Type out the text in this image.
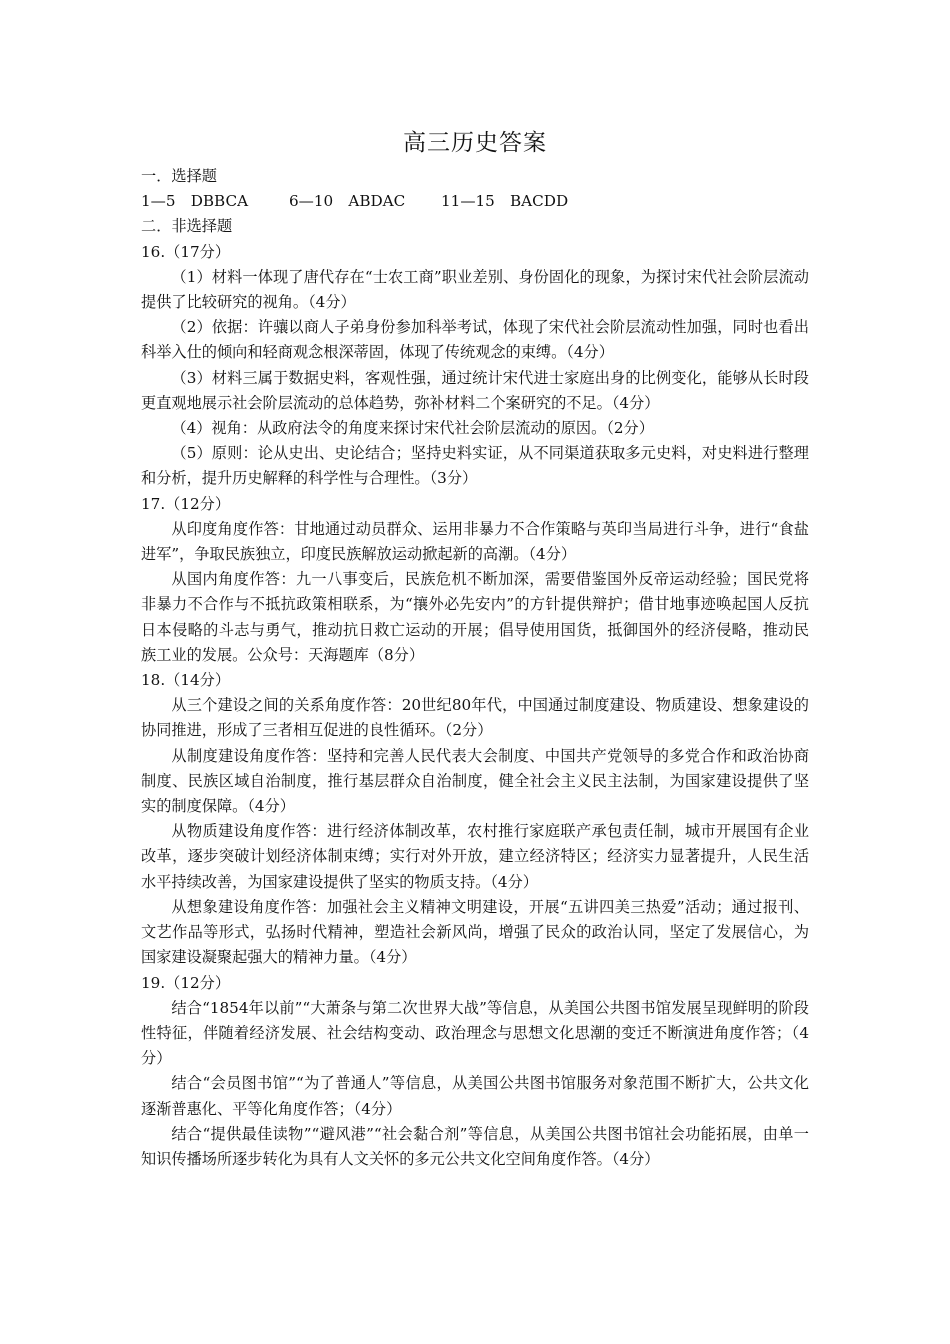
高三历史答案
一．选择题
1—5　DBBCA	6—10　ABDAC 11—15　BACDD
二．非选择题
16.（17分）
（1）材料一体现了唐代存在“士农工商”职业差别、身份固化的现象，为探讨宋代社会阶层流动提供了比较研究的视角。（4分）
（2）依据：许骧以商人子弟身份参加科举考试，体现了宋代社会阶层流动性加强，同时也看出科举入仕的倾向和轻商观念根深蒂固，体现了传统观念的束缚。（4分）
（3）材料三属于数据史料，客观性强，通过统计宋代进士家庭出身的比例变化，能够从长时段更直观地展示社会阶层流动的总体趋势，弥补材料二个案研究的不足。（4分）
（4）视角：从政府法令的角度来探讨宋代社会阶层流动的原因。（2分）
（5）原则：论从史出、史论结合；坚持史料实证，从不同渠道获取多元史料，对史料进行整理和分析，提升历史解释的科学性与合理性。（3分）
17.（12分）
从印度角度作答：甘地通过动员群众、运用非暴力不合作策略与英印当局进行斗争，进行“食盐进军”，争取民族独立，印度民族解放运动掀起新的高潮。（4分）
从国内角度作答：九一八事变后，民族危机不断加深，需要借鉴国外反帝运动经验；国民党将非暴力不合作与不抵抗政策相联系，为“攘外必先安内”的方针提供辩护；借甘地事迹唤起国人反抗日本侵略的斗志与勇气，推动抗日救亡运动的开展；倡导使用国货，抵御国外的经济侵略，推动民族工业的发展。公众号：天海题库（8分）
18.（14分）
从三个建设之间的关系角度作答：20世纪80年代，中国通过制度建设、物质建设、想象建设的协同推进，形成了三者相互促进的良性循环。（2分）
从制度建设角度作答：坚持和完善人民代表大会制度、中国共产党领导的多党合作和政治协商制度、民族区域自治制度，推行基层群众自治制度，健全社会主义民主法制，为国家建设提供了坚实的制度保障。（4分）
从物质建设角度作答：进行经济体制改革，农村推行家庭联产承包责任制，城市开展国有企业改革，逐步突破计划经济体制束缚；实行对外开放，建立经济特区；经济实力显著提升，人民生活水平持续改善，为国家建设提供了坚实的物质支持。（4分）
从想象建设角度作答：加强社会主义精神文明建设，开展“五讲四美三热爱”活动；通过报刊、文艺作品等形式，弘扬时代精神，塑造社会新风尚，增强了民众的政治认同，坚定了发展信心，为国家建设凝聚起强大的精神力量。（4分）
19.（12分）
结合“1854年以前”“大萧条与第二次世界大战”等信息，从美国公共图书馆发展呈现鲜明的阶段性特征，伴随着经济发展、社会结构变动、政治理念与思想文化思潮的变迁不断演进角度作答；（4分）
结合“会员图书馆”“为了普通人”等信息，从美国公共图书馆服务对象范围不断扩大，公共文化逐渐普惠化、平等化角度作答；（4分）
结合“提供最佳读物”“避风港”“社会黏合剂”等信息，从美国公共图书馆社会功能拓展，由单一知识传播场所逐步转化为具有人文关怀的多元公共文化空间角度作答。（4分）
